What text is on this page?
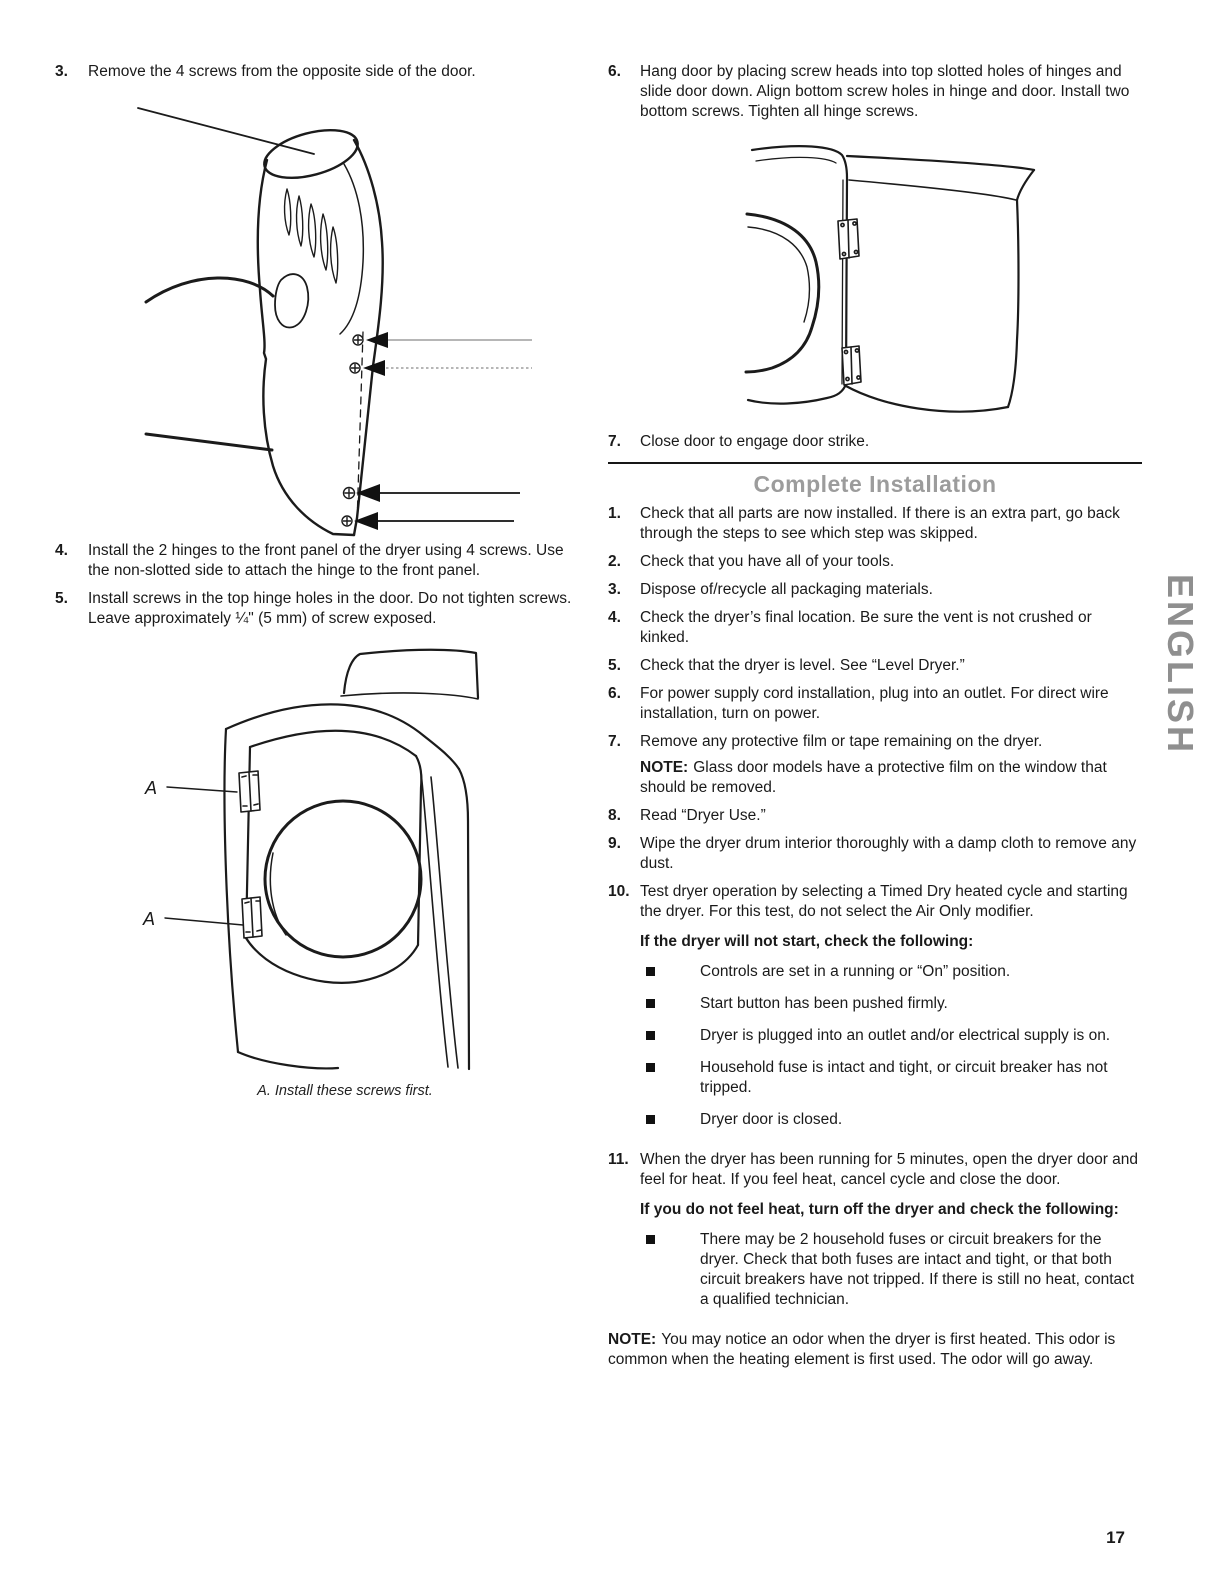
3.	Remove the 4 screws from the opposite side of the door.

4.	Install the 2 hinges to the front panel of the dryer using 4 screws. Use the non-slotted side to attach the hinge to the front panel.

5.	Install screws in the top hinge holes in the door. Do not tighten screws. Leave approximately ¼" (5 mm) of screw exposed.

A
A
A. Install these screws first.
6.	Hang door by placing screw heads into top slotted holes of hinges and slide door down. Align bottom screw holes in hinge and door. Install two bottom screws. Tighten all hinge screws.

7.	Close door to engage door strike.

Complete Installation
1.	Check that all parts are now installed. If there is an extra part, go back through the steps to see which step was skipped.

2.	Check that you have all of your tools.

3.	Dispose of/recycle all packaging materials.

4.	Check the dryer’s final location. Be sure the vent is not crushed or kinked.

5.	Check that the dryer is level. See “Level Dryer.”

6.	For power supply cord installation, plug into an outlet. For direct wire installation, turn on power.

7.	Remove any protective film or tape remaining on the dryer.

NOTE: Glass door models have a protective film on the window that should be removed.

8.	Read “Dryer Use.”

9.	Wipe the dryer drum interior thoroughly with a damp cloth to remove any dust.

10. Test dryer operation by selecting a Timed Dry heated cycle and starting the dryer. For this test, do not select the Air Only modifier.

If the dryer will not start, check the following:

Controls are set in a running or “On” position.
Start button has been pushed firmly.
Dryer is plugged into an outlet and/or electrical supply is on.
Household fuse is intact and tight, or circuit breaker has not tripped.
Dryer door is closed.
11. When the dryer has been running for 5 minutes, open the dryer door and feel for heat. If you feel heat, cancel cycle and close the door.

If you do not feel heat, turn off the dryer and check the following:

There may be 2 household fuses or circuit breakers for the dryer. Check that both fuses are intact and tight, or that both circuit breakers have not tripped. If there is still no heat, contact a qualified technician.

NOTE: You may notice an odor when the dryer is first heated. This odor is common when the heating element is first used. The odor will go away.

ENGLISH
17
